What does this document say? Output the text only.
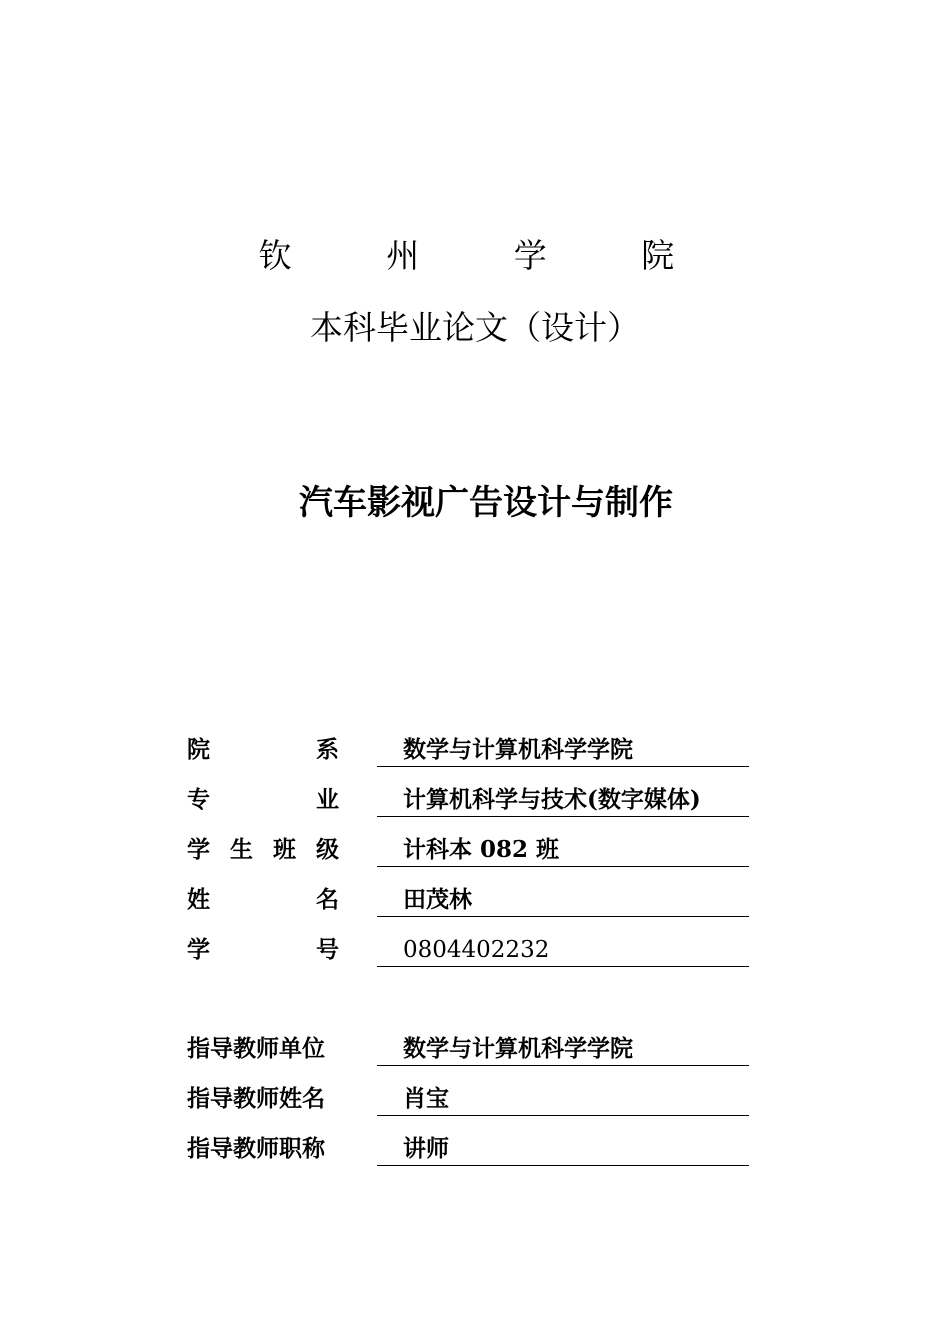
钦 州 学 院
本科毕业论文（设计）
汽车影视广告设计与制作
院	系	数学与计算机科学学院
专	业	计算机科学与技术(数字媒体)
学 生 班 级	计科本 082 班
姓	名	田茂林
学	号	0804402232
指导教师单位	数学与计算机科学学院
指导教师姓名	肖宝
指导教师职称	讲师
